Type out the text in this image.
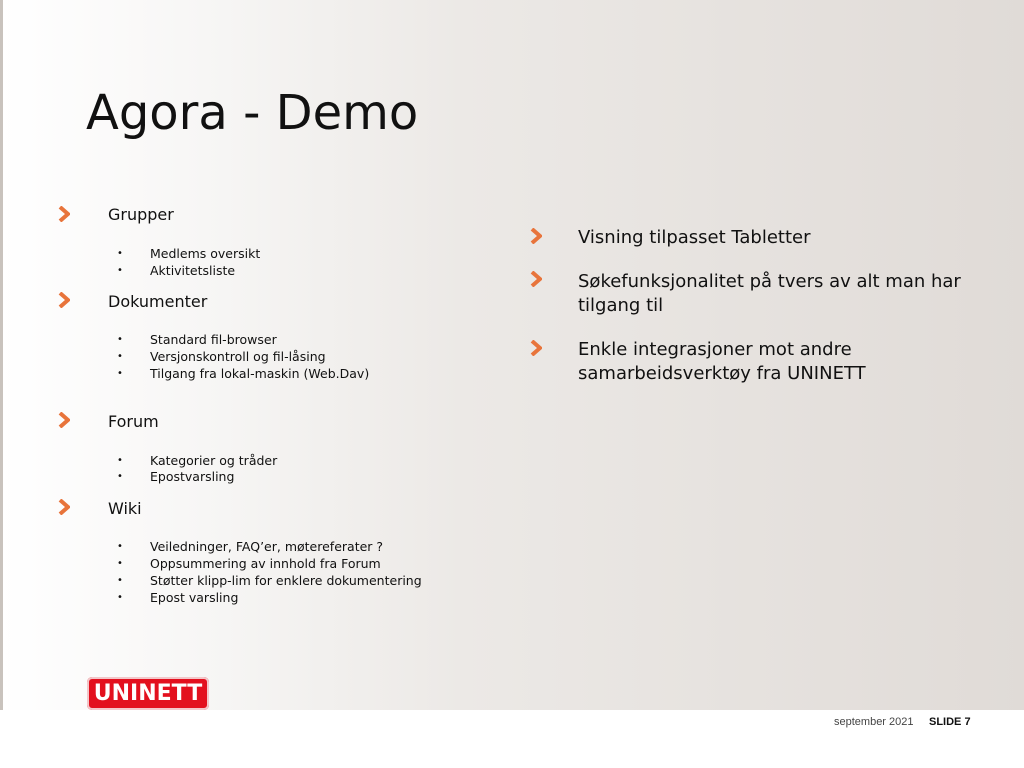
Agora - Demo
Grupper
• Medlems oversikt
• Aktivitetsliste
Dokumenter
• Standard fil-browser
• Versjonskontroll og fil-låsing
• Tilgang fra lokal-maskin (Web.Dav)
Forum
• Kategorier og tråder
• Epostvarsling
Wiki
• Veiledninger, FAQ’er, møtereferater ?
• Oppsummering av innhold fra Forum
• Støtter klipp-lim for enklere dokumentering
• Epost varsling
Visning tilpasset Tabletter
Søkefunksjonalitet på tvers av alt man har
tilgang til
Enkle integrasjoner mot andre
samarbeidsverktøy fra UNINETT
UNINETT
september 2021 SLIDE 7
